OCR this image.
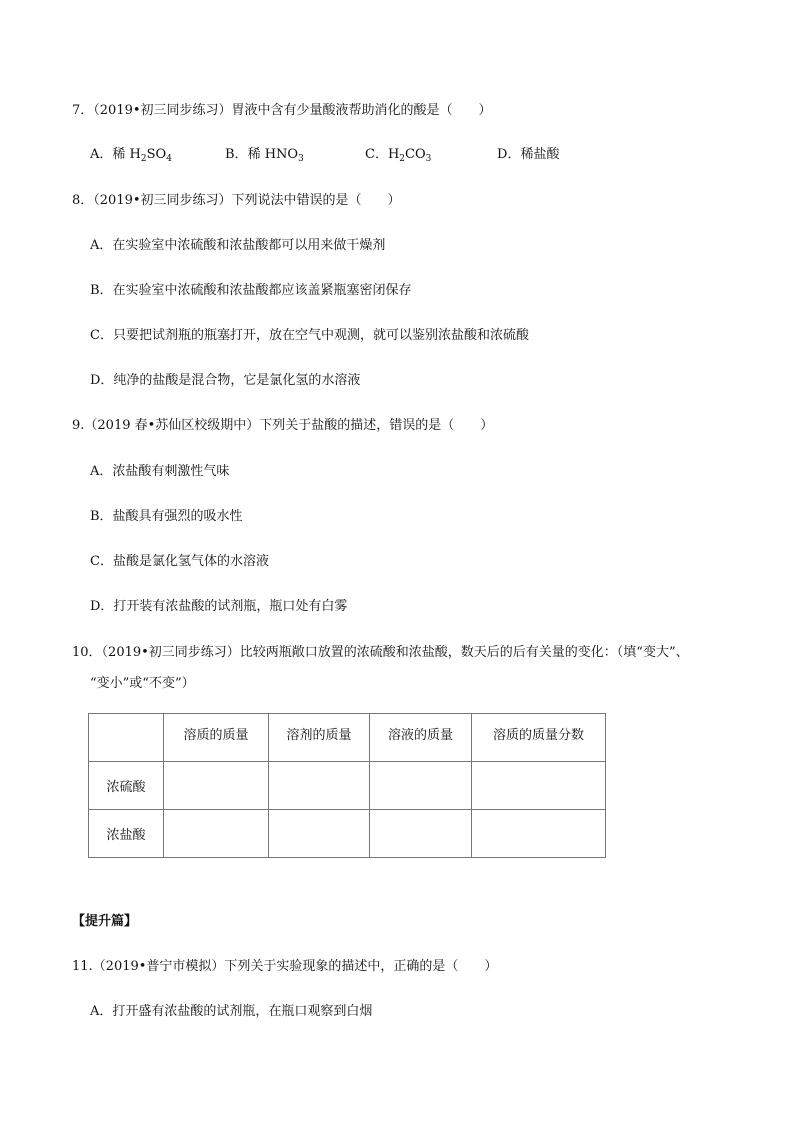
7．（2019•初三同步练习）胃液中含有少量酸液帮助消化的酸是（　　）
A．稀 $H_2SO_4$	B．稀 $HNO_3$	C．$H_2CO_3$	D．稀盐酸
8．（2019•初三同步练习）下列说法中错误的是（　　）
A．在实验室中浓硫酸和浓盐酸都可以用来做干燥剂
B．在实验室中浓硫酸和浓盐酸都应该盖紧瓶塞密闭保存
C．只要把试剂瓶的瓶塞打开，放在空气中观测，就可以鉴别浓盐酸和浓硫酸
D．纯净的盐酸是混合物，它是氯化氢的水溶液
9.（2019 春•苏仙区校级期中）下列关于盐酸的描述，错误的是（　　）
A．浓盐酸有刺激性气味
B．盐酸具有强烈的吸水性
C．盐酸是氯化氢气体的水溶液
D．打开装有浓盐酸的试剂瓶，瓶口处有白雾
10．（2019•初三同步练习）比较两瓶敞口放置的浓硫酸和浓盐酸，数天后的后有关量的变化：（填“变大”、
“变小”或“不变”）
	溶质的质量	溶剂的质量	溶液的质量	溶质的质量分数
浓硫酸				
浓盐酸				
【提升篇】
11.（2019•普宁市模拟）下列关于实验现象的描述中，正确的是（　　）
A．打开盛有浓盐酸的试剂瓶，在瓶口观察到白烟
